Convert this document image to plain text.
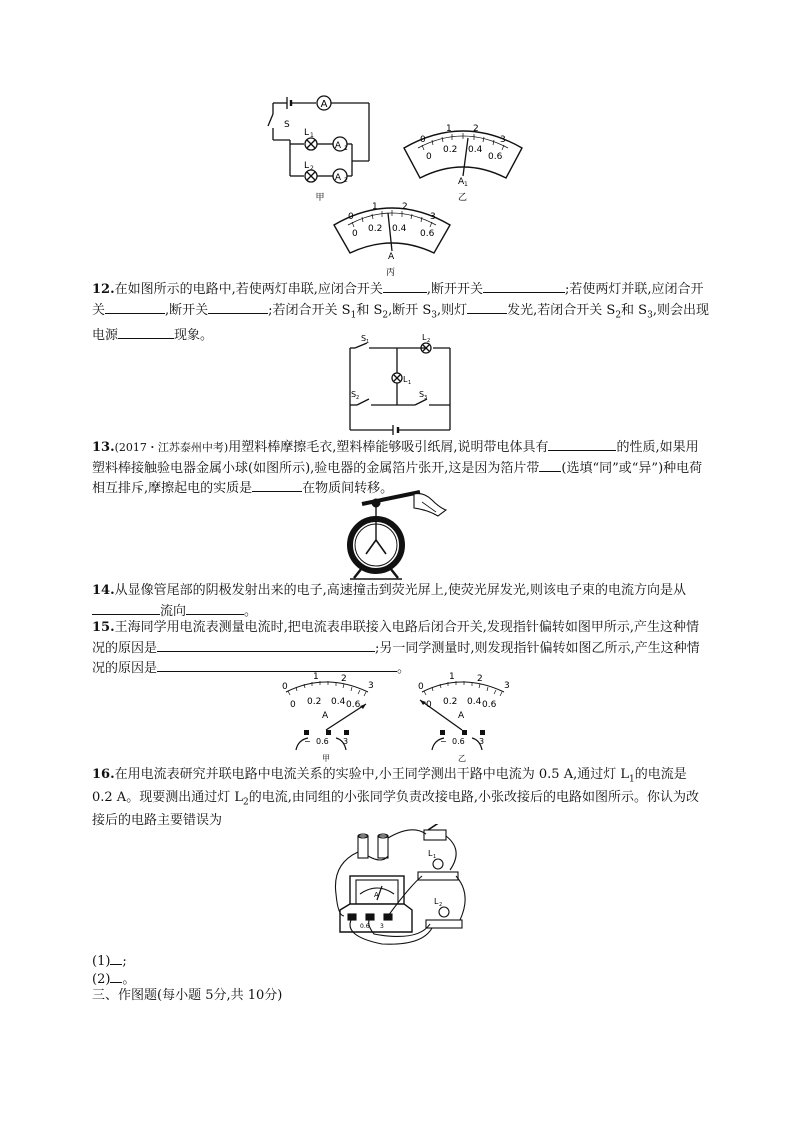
A
A 1
A 2
L 1
L 2
S
甲
0
1 2
3
0
0.2 0.4
0.6
A 1
乙
0
1	2
3
0 0.2 0.4 0.6
A
丙
12.在如图所示的电路中,若使两灯串联,应闭合开关	,断开开关	;若使两灯并联,应闭合开关	,断开关	;若闭合开关 $S_1$和 $S_2$,断开 $S_3$,则灯	发光,若闭合开关 $S_2$和 $S_3$,则会出现电源	现象。	S 1	L 2
L 1
S 2	S 3
13.(2017・江苏泰州中考)用塑料棒摩擦毛衣,塑料棒能够吸引纸屑,说明带电体具有	的性质,如果用塑料棒接触验电器金属小球(如图所示),验电器的金属箔片张开,这是因为箔片带 (选填“同”或“异”)种电荷相互排斥,摩擦起电的实质是	在物质间转移。
14.从显像管尾部的阴极发射出来的电子,高速撞击到荧光屏上,使荧光屏发光,则该电子束的电流方向是从流向	。
15.王海同学用电流表测量电流时,把电流表串联接入电路后闭合开关,发现指针偏转如图甲所示,产生这种情况的原因是	;另一同学测量时,则发现指针偏转如图乙所示,产生这种情况的原因是	。
0
1 2
3
0 0.2 0.4 0.6
A
− 0.6 3
甲
0
1 2
3
0 0.2 0.4 0.6
A
− 0.6 3
乙
16.在用电流表研究并联电路中电流关系的实验中,小王同学测出干路中电流为 0.5 A,通过灯 $L_1$的电流是 0.2 A。现要测出通过灯 $L_2$的电流,由同组的小张同学负责改接电路,小张改接后的电路如图所示。你认为改接后的电路主要错误为
L 1
L 2
A
0.6 3
(1) ;
(2) 。
三、作图题(每小题 5分,共 10分)
